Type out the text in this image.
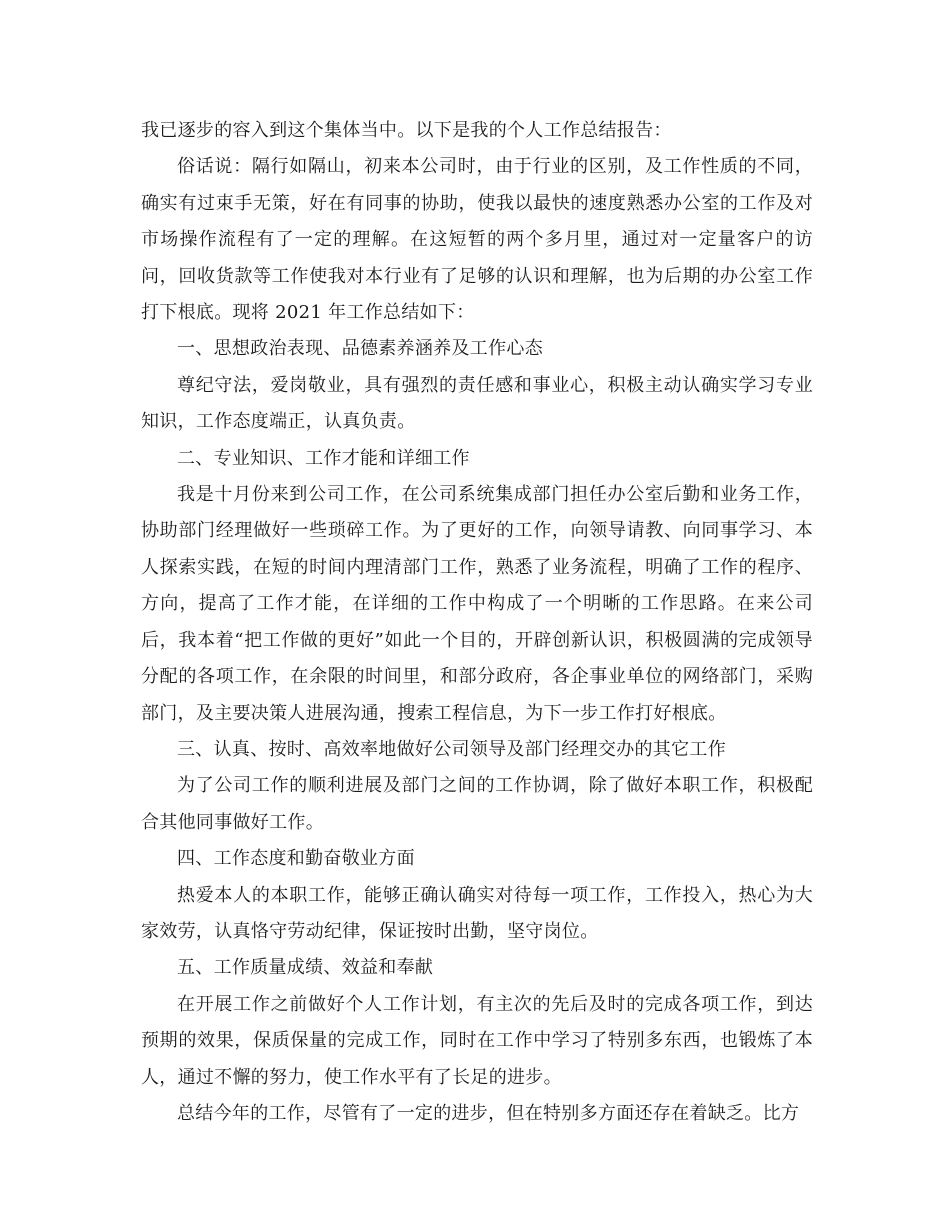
我已逐步的容入到这个集体当中。以下是我的个人工作总结报告：

俗话说：隔行如隔山，初来本公司时，由于行业的区别，及工作性质的不同，确实有过束手无策，好在有同事的协助，使我以最快的速度熟悉办公室的工作及对市场操作流程有了一定的理解。在这短暂的两个多月里，通过对一定量客户的访问，回收货款等工作使我对本行业有了足够的认识和理解，也为后期的办公室工作打下根底。现将 2021 年工作总结如下：

一、思想政治表现、品德素养涵养及工作心态

尊纪守法，爱岗敬业，具有强烈的责任感和事业心，积极主动认确实学习专业知识，工作态度端正，认真负责。

二、专业知识、工作才能和详细工作

我是十月份来到公司工作，在公司系统集成部门担任办公室后勤和业务工作，协助部门经理做好一些琐碎工作。为了更好的工作，向领导请教、向同事学习、本人探索实践，在短的时间内理清部门工作，熟悉了业务流程，明确了工作的程序、方向，提高了工作才能，在详细的工作中构成了一个明晰的工作思路。在来公司后，我本着“把工作做的更好”如此一个目的，开辟创新认识，积极圆满的完成领导分配的各项工作，在余限的时间里，和部分政府，各企事业单位的网络部门，采购部门，及主要决策人进展沟通，搜索工程信息，为下一步工作打好根底。

三、认真、按时、高效率地做好公司领导及部门经理交办的其它工作

为了公司工作的顺利进展及部门之间的工作协调，除了做好本职工作，积极配合其他同事做好工作。

四、工作态度和勤奋敬业方面

热爱本人的本职工作，能够正确认确实对待每一项工作，工作投入，热心为大家效劳，认真恪守劳动纪律，保证按时出勤，坚守岗位。

五、工作质量成绩、效益和奉献

在开展工作之前做好个人工作计划，有主次的先后及时的完成各项工作，到达预期的效果，保质保量的完成工作，同时在工作中学习了特别多东西，也锻炼了本人，通过不懈的努力，使工作水平有了长足的进步。

总结今年的工作，尽管有了一定的进步，但在特别多方面还存在着缺乏。比方
